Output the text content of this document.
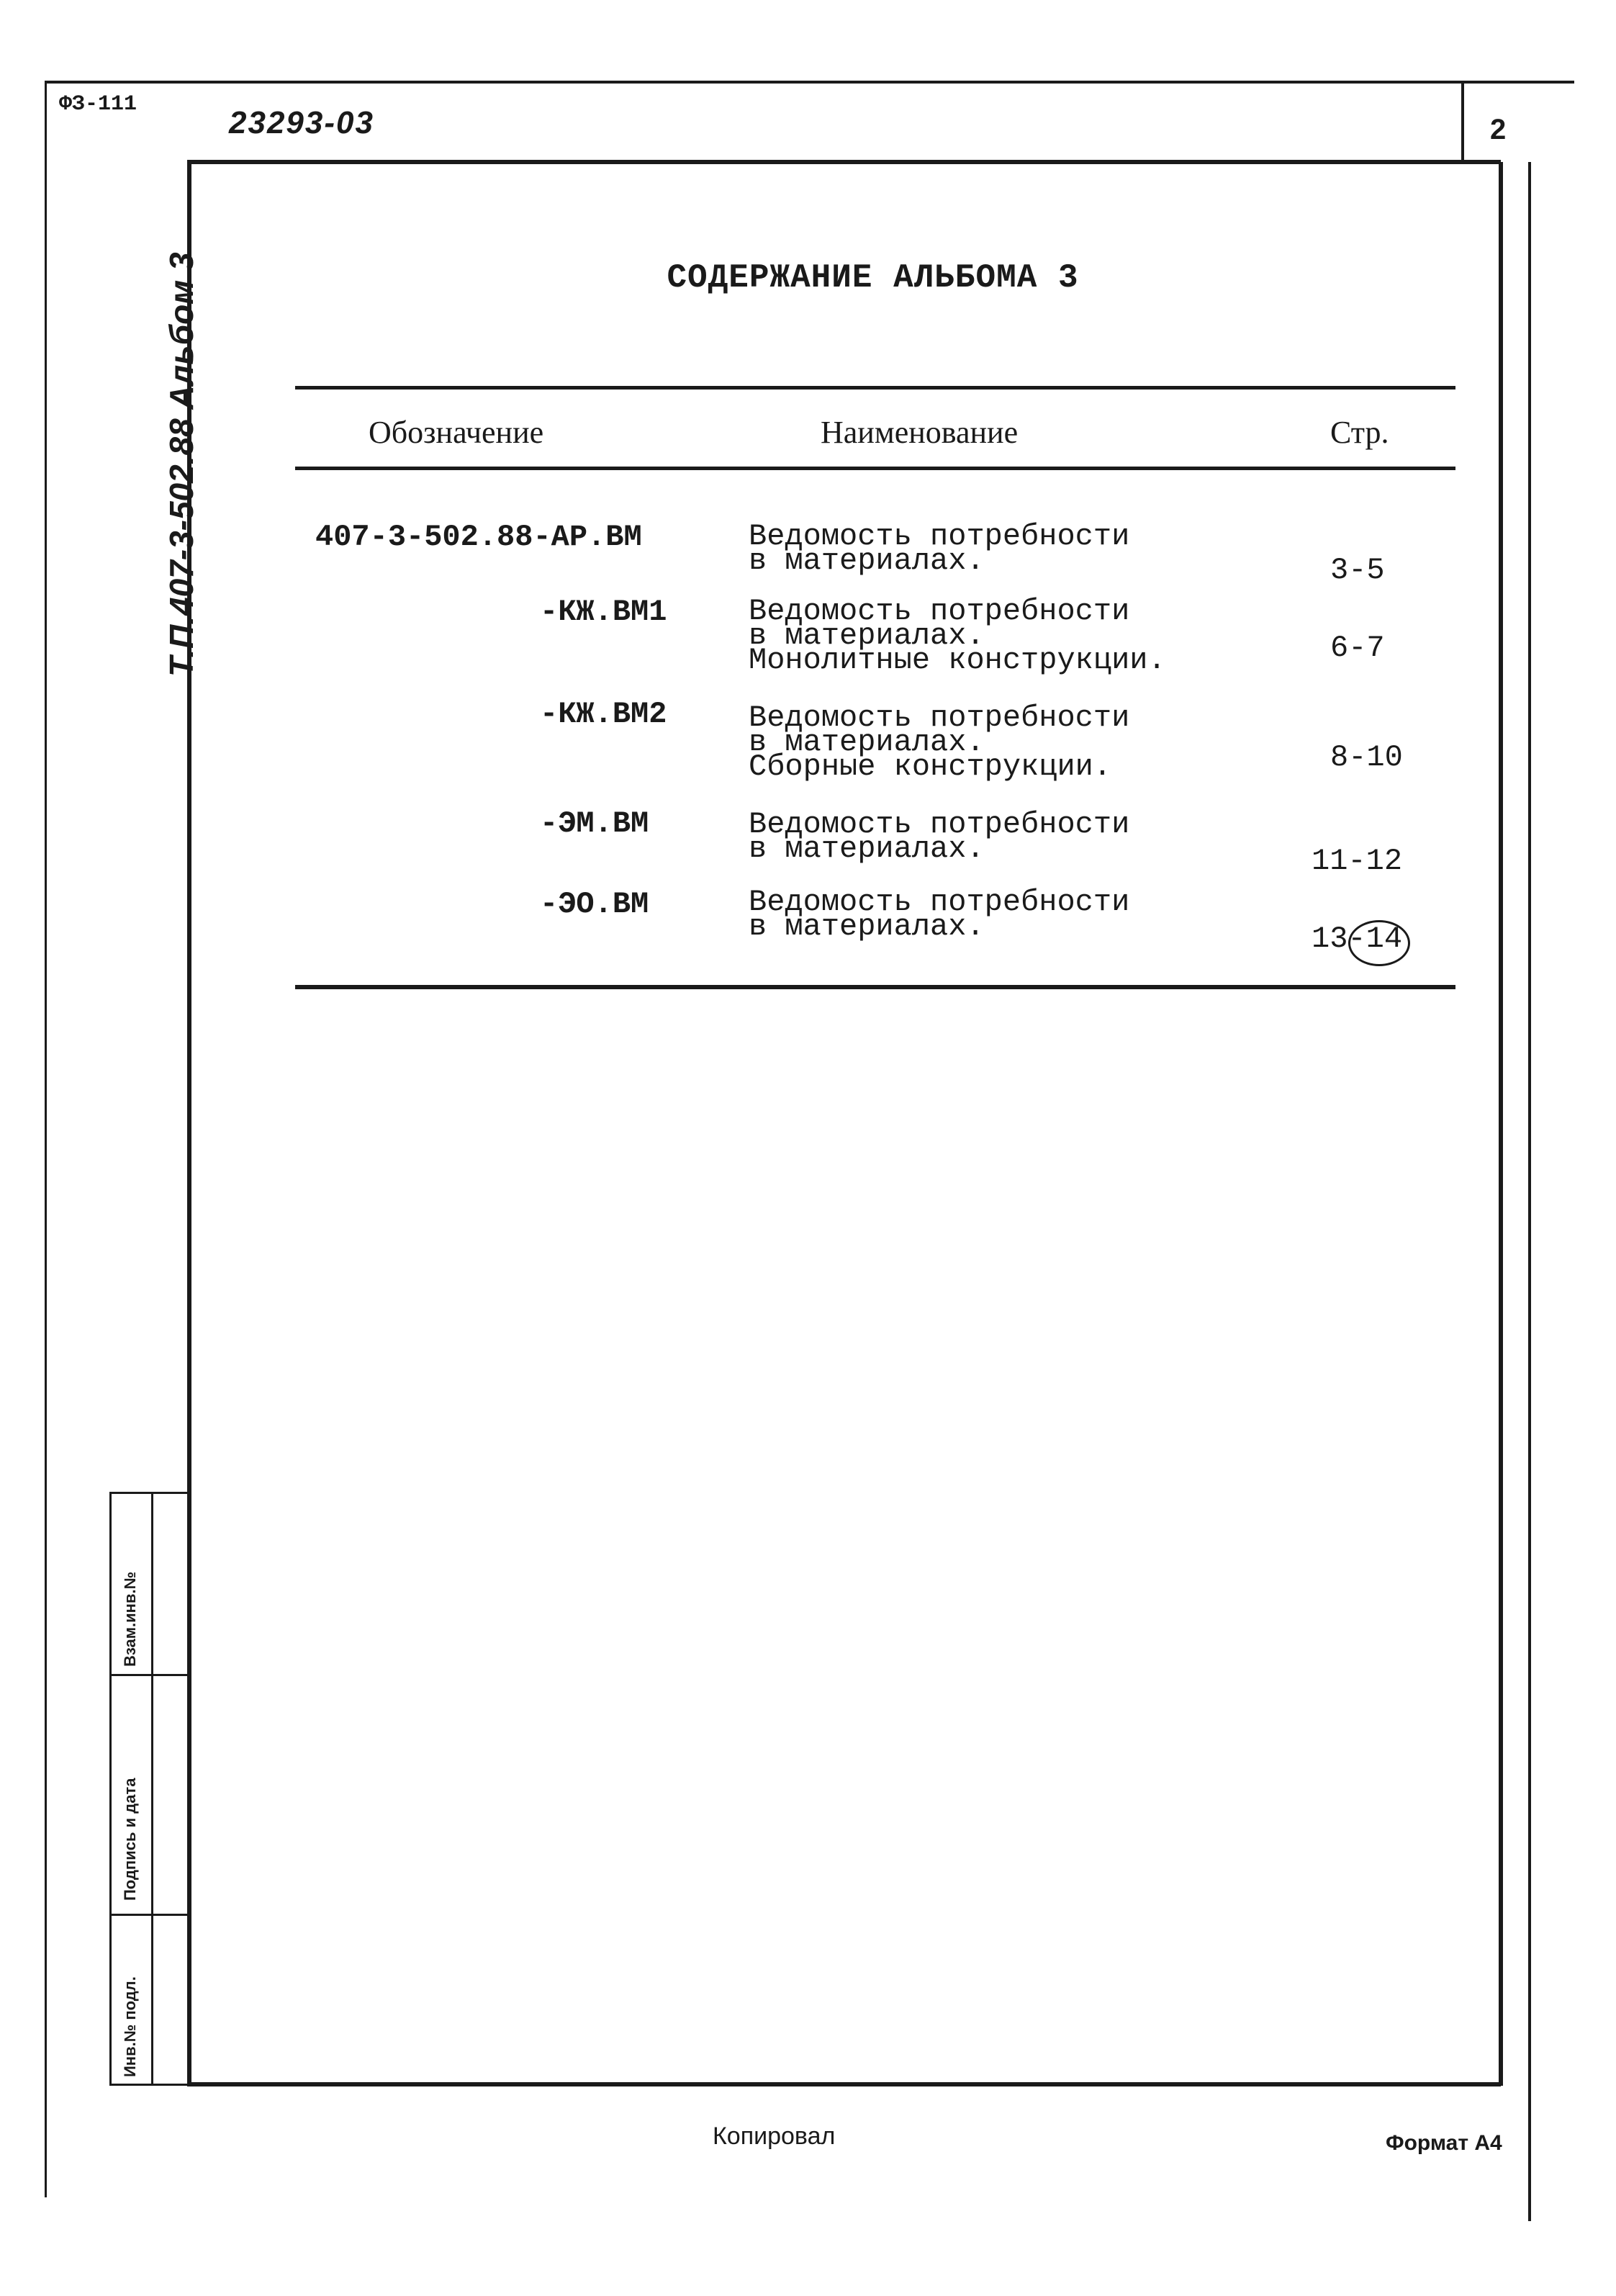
ФЗ-111
23293-03	2
Т.П.407-3-502.88 Альбом 3	СОДЕРЖАНИЕ АЛЬБОМА 3
Обозначение	Наименование	Стр.
407-3-502.88-АР.ВМ	Ведомость потребности
в материалах.	3-5
-КЖ.ВМ1	Ведомость потребности
в материалах.
Монолитные конструкции.	6-7
-КЖ.ВМ2	Ведомость потребности
в материалах.
Сборные конструкции.	8-10
-ЭМ.ВМ	Ведомость потребности
в материалах.	11-12
-ЭО.ВМ	Ведомость потребности
в материалах.	13-14
Инв.№ подл.
Подпись и дата
Взам.инв.№
Копировал	Формат А4
